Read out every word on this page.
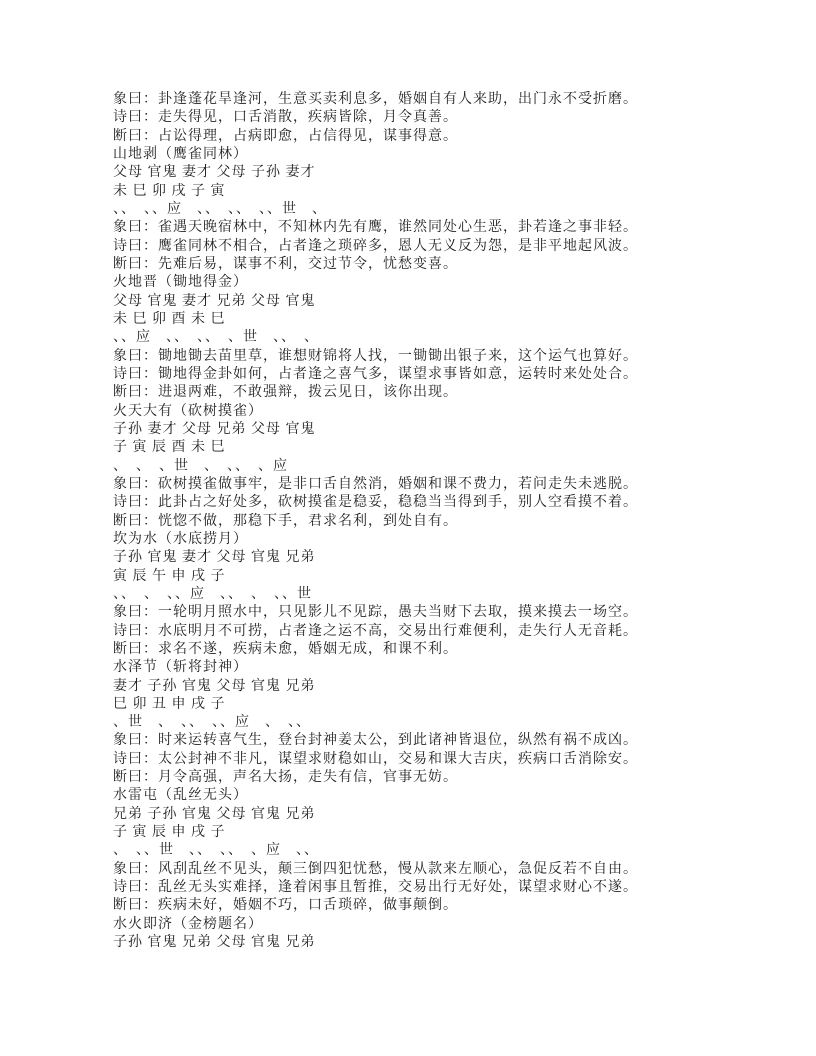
象曰：卦逢蓬花旱逢河，生意买卖利息多，婚姻自有人来助，出门永不受折磨。
诗曰：走失得见，口舌消散，疾病皆除，月令真善。
断曰：占讼得理，占病即愈，占信得见，谋事得意。
山地剥（鹰雀同林）
父母 官鬼 妻才 父母 子孙 妻才
未 巳 卯 戌 子 寅
、、　、、应　、、　、、　、、世　、
象曰：雀遇天晚宿林中，不知林内先有鹰，谁然同处心生恶，卦若逢之事非轻。
诗曰：鹰雀同林不相合，占者逢之琐碎多，恩人无义反为怨，是非平地起风波。
断曰：先难后易，谋事不利，交过节令，忧愁变喜。
火地晋（锄地得金）
父母 官鬼 妻才 兄弟 父母 官鬼
未 巳 卯 酉 未 巳
、、应　、、　、、　、世　、、　、
象曰：锄地锄去苗里草，谁想财锦将人找，一锄锄出银子来，这个运气也算好。
诗曰：锄地得金卦如何，占者逢之喜气多，谋望求事皆如意，运转时来处处合。
断曰：进退两难，不敢强辩，拨云见日，该你出现。
火天大有（砍树摸雀）
子孙 妻才 父母 兄弟 父母 官鬼
子 寅 辰 酉 未 巳
、　、　、世　、　、、　、应
象曰：砍树摸雀做事牢，是非口舌自然消，婚姻和课不费力，若问走失未逃脱。
诗曰：此卦占之好处多，砍树摸雀是稳妥，稳稳当当得到手，别人空看摸不着。
断曰：恍惚不做，那稳下手，君求名利，到处自有。
坎为水（水底捞月）
子孙 官鬼 妻才 父母 官鬼 兄弟
寅 辰 午 申 戌 子
、、　、　、、应　、、　、　、、世
象曰：一轮明月照水中，只见影儿不见踪，愚夫当财下去取，摸来摸去一场空。
诗曰：水底明月不可捞，占者逢之运不高，交易出行难便利，走失行人无音耗。
断曰：求名不遂，疾病未愈，婚姻无成，和课不利。
水泽节（斩将封神）
妻才 子孙 官鬼 父母 官鬼 兄弟
巳 卯 丑 申 戌 子
、世　、　、、　、、应　、　、、
象曰：时来运转喜气生，登台封神姜太公，到此诸神皆退位，纵然有祸不成凶。
诗曰：太公封神不非凡，谋望求财稳如山，交易和课大吉庆，疾病口舌消除安。
断曰：月令高强，声名大扬，走失有信，官事无妨。
水雷屯（乱丝无头）
兄弟 子孙 官鬼 父母 官鬼 兄弟
子 寅 辰 申 戌 子
、　、、世　、、　、、　、应　、、
象曰：风刮乱丝不见头，颠三倒四犯忧愁，慢从款来左顺心，急促反若不自由。
诗曰：乱丝无头实难择，逢着闲事且暂推，交易出行无好处，谋望求财心不遂。
断曰：疾病未好，婚姻不巧，口舌琐碎，做事颠倒。
水火即济（金榜题名）
子孙 官鬼 兄弟 父母 官鬼 兄弟
